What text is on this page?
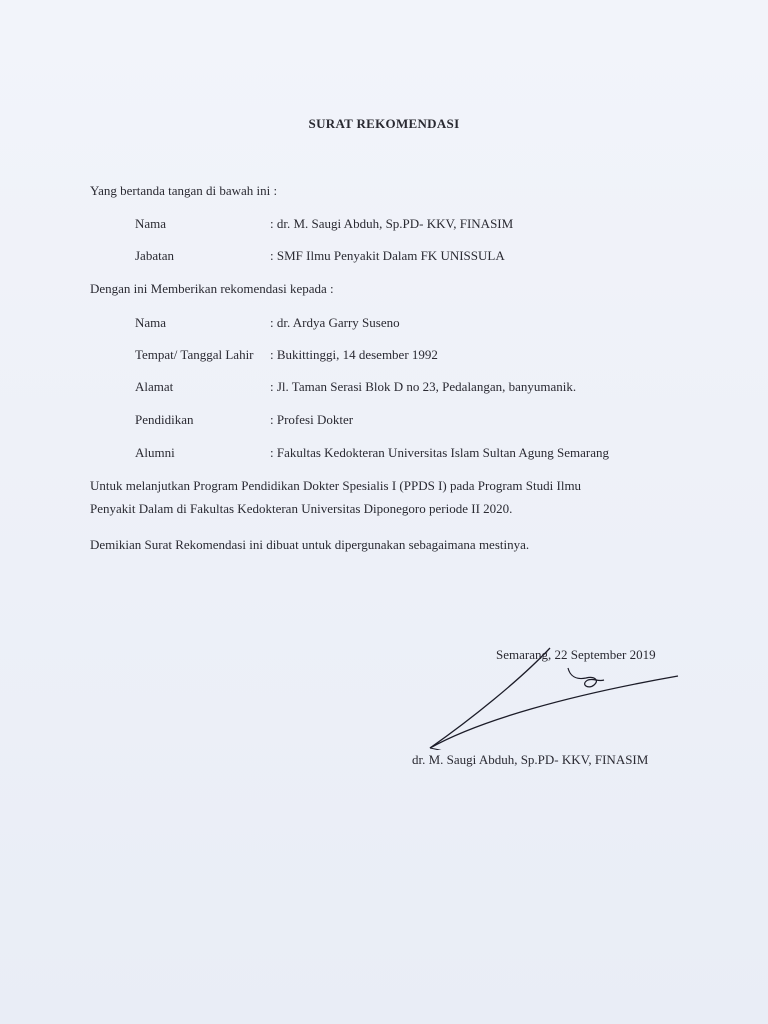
SURAT REKOMENDASI
Yang bertanda tangan di bawah ini :
Nama	: dr. M. Saugi Abduh, Sp.PD- KKV, FINASIM
Jabatan	: SMF Ilmu Penyakit Dalam FK UNISSULA
Dengan ini Memberikan rekomendasi kepada :
Nama	: dr. Ardya Garry Suseno
Tempat/ Tanggal Lahir : Bukittinggi, 14 desember 1992
Alamat	: Jl. Taman Serasi Blok D no 23, Pedalangan, banyumanik.
Pendidikan	: Profesi Dokter
Alumni	: Fakultas Kedokteran Universitas Islam Sultan Agung Semarang
Untuk melanjutkan Program Pendidikan Dokter Spesialis I (PPDS I) pada Program Studi Ilmu
Penyakit Dalam di Fakultas Kedokteran Universitas Diponegoro periode II 2020.
Demikian Surat Rekomendasi ini dibuat untuk dipergunakan sebagaimana mestinya.
Semarang, 22 September 2019
dr. M. Saugi Abduh, Sp.PD- KKV, FINASIM
